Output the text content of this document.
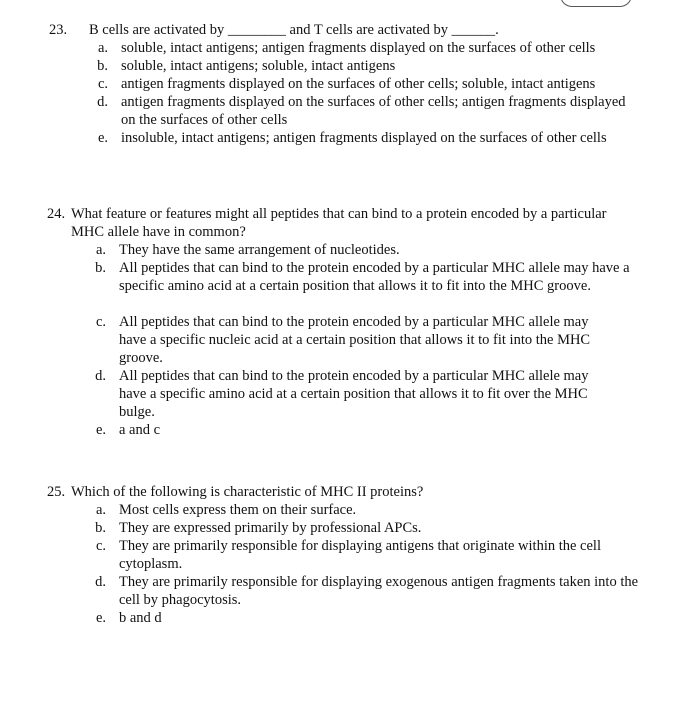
23. B cells are activated by ________ and T cells are activated by ______.
a. soluble, intact antigens; antigen fragments displayed on the surfaces of other cells
b. soluble, intact antigens; soluble, intact antigens
c. antigen fragments displayed on the surfaces of other cells; soluble, intact antigens
d. antigen fragments displayed on the surfaces of other cells; antigen fragments displayed on the surfaces of other cells
e. insoluble, intact antigens; antigen fragments displayed on the surfaces of other cells
24. What feature or features might all peptides that can bind to a protein encoded by a particular MHC allele have in common?
a. They have the same arrangement of nucleotides.
b. All peptides that can bind to the protein encoded by a particular MHC allele may have a specific amino acid at a certain position that allows it to fit into the MHC groove.
c. All peptides that can bind to the protein encoded by a particular MHC allele may have a specific nucleic acid at a certain position that allows it to fit into the MHC groove.
d. All peptides that can bind to the protein encoded by a particular MHC allele may have a specific amino acid at a certain position that allows it to fit over the MHC bulge.
e. a and c
25. Which of the following is characteristic of MHC II proteins?
a. Most cells express them on their surface.
b. They are expressed primarily by professional APCs.
c. They are primarily responsible for displaying antigens that originate within the cell cytoplasm.
d. They are primarily responsible for displaying exogenous antigen fragments taken into the cell by phagocytosis.
e. b and d
